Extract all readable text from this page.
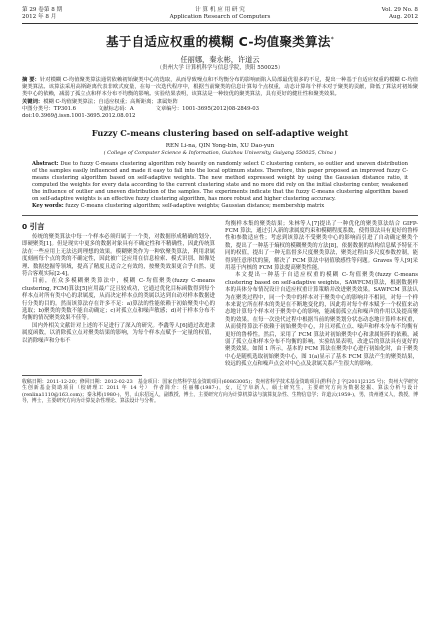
第 29 卷第 8 期
2012 年 8 月
计 算 机 应 用 研 究
Application Research of Computers
Vol. 29 No. 8
Aug. 2012
基于自适应权重的模糊 C-均值聚类算法*
任丽娜，秦永彬，许道云
（贵州大学 计算机科学与信息学院，贵阳 550025）
摘 要：针对模糊 C-均值聚类算法通常依赖初始聚类中心的选取，从而导致噪点和不均衡分布的影响而陷入局部最优很多的不足，提出一种基于自适应权重的模糊 C-均值聚类算法。该算法采用高斯距离代表非欧式度量，在每一次迭代程序中，根据当前聚类的信息计算每个点权重，动态计算每个样本对于聚类的贡献，降低了算法对初始聚类中心的依赖，减弱了孤立点和样本分布不均衡的影响。实验结果表明，该算法是一种较优的聚类算法，具有更好的健壮性和聚类效果。
关键词：模糊 C-均值聚类算法；自适应权重；高斯距离；隶属矩阵
中图分类号：TP301.6	文献标志码：A	文章编号：1001-3695(2012)08-2849-03
doi:10.3969/j.issn.1001-3695.2012.08.012
Fuzzy C-means clustering based on self-adaptive weight
REN Li-na, QIN Yong-bin, XU Dao-yun
( College of Computer Science & Information, Guizhou University, Guiyang 550025, China )
Abstract: Due to fuzzy C-means clustering algorithm rely heavily on randomly select C clustering centers, so outlier and uneven distribution of the samples easily influenced and made it easy to fall into the local optimum states. Therefore, this paper proposed an improved fuzzy C-means clustering algorithm based on self-adaptive weights. The new method expressed weight by using the Gaussian distance ratio, it computed the weights for every data according to the current clustering state and no more did rely on the initial clustering center, weakened the influence of outlier and uneven distribution of the samples. The experiments indicate that the fuzzy C-means clustering algorithm based on self-adaptive weights is an effective fuzzy clustering algorithm, has more robust and higher clustering accuracy.
Key words: fuzzy C-means clustering algorithm; self-adaptive weights; Gaussian distance; membership matrix
0 引言

传统的聚类算法中每一个样本必须归属于一个类，对数据形成精确的划分，即硬聚类[1]。但是现实中更多的数据对象具有不确定性和不精确性，因此传统算法在一些应用上无法达到理想的效果。模糊聚类作为一种软聚类算法，利用隶属度刻画每个点的类的不确定性，因此被广泛应用在信息检索、模式识别、图像处理、数据挖掘等领域，提高了精度且适合之有效的，按聚类效果更合乎自然、更符合客观实际[2-4]。

目前，在众多模糊聚类算法中，模糊 C-均值聚类(fuzzy C-means clustering, FCM)算法[5]应用最广泛且较成功，它通过优化目标函数得到每个样本点对所有类中心的隶属度，从而决定样本点的类属以达到自动对样本数据进行分类的目的。然而该算法存在许多不足：a)算法的性能依赖于初始聚类中心的选取；b)聚类的类数不能自动确定；c)对孤立点和噪声敏感；d)对于样本分布不均衡的情况聚类效果不佳等。

国内外相关文献针对上述的不足进行了深入的研究。李鑫等人[6]通过改进隶属度函数，以消除孤立点对聚类结果的影响，为每个样本点赋予一定量的权值，以消除噪声和分布不

均衡样本集的聚类结果；朱林等人[7]提出了一种优化的聚类算法结合 GIFP-FCM 算法，通过引入新的隶属度约束和模糊程度系数，使得算法具有更好的鲁棒性和参数适应性；考虑到该算法不受聚类中心的影响而引进了自动确定聚类个数，提出了一种基于熵权的模糊聚类的方法[8]，依据数据的结构信息赋予特征不同的权值，提出了一种无监督多尺度聚类算法，聚类过程由多尺度参数控制，能得到任意形状的簇，解决了 FCM 算法中初值敏感性等问题。Graves 等人[9]采用基于内核的 FCM 算法提高聚类性能。

本文提出一种基于自适应权重的模糊 C-均值聚类(fuzzy C-means clustering based on self-adaptive weights，SAWFCM)算法，根据数据样本的具体分布情况设计自适应权重计算策略并改进聚类效果。SAWFCM 算法认为在聚类过程中，同一个类中的样本对于聚类中心的影响并不相同，对每一个样本来说它所在样本的类是在不断地变化的，因此将对每个样本赋予一个权值来动态地计算每个样本对于聚类中心的影响，能减弱孤立点和噪声的作用以及提高聚类的效果。在每一次迭代过程中根据当前的聚类划分状态动态地计算样本权重，从而使得算法不依赖于初始聚类中心，并且对孤立点、噪声和样本分布不均衡有更好的鲁棒性。然后，采用了 FCM 算法对初始聚类中心和隶属矩阵的依赖，减弱了孤立点和样本分布不均衡的影响。实验结果表明，改进后的算法具有更好的聚类效果。如图 1 所示，基本的 FCM 算法在聚类中心进行初始化时，由于聚类中心是随机选取初始聚类中心，图 1(a)显示了基本 FCM 算法产生的聚类结果，较远的孤立点和噪声点会对中心点及隶属关系产生很大的影响。

收稿日期：2011-12-20；修回日期：2012-02-23　基金项目：国家自然科学基金资助项目(60863005)；贵州省科学技术基金资助项目(黔科合 J 字[2011]2125 号)；贵州大学研究生创新基金资助项目（校研理工 2011 年 14 号） 作者简介：任丽娜(1987-)，女，辽宁阜新人，硕士研究生，主要研究方向为数据挖掘、算法分析与设计(renlina1110@163.com)；秦永彬(1980-)，男，山东招远人，副教授，博士，主要研究方向为计算机算法与演算复杂性、生物信息学；许道云(1959-)，男，贵州遵义人，教授，博导，博士，主要研究方向为计算复杂性理论、算法设计与分析。
